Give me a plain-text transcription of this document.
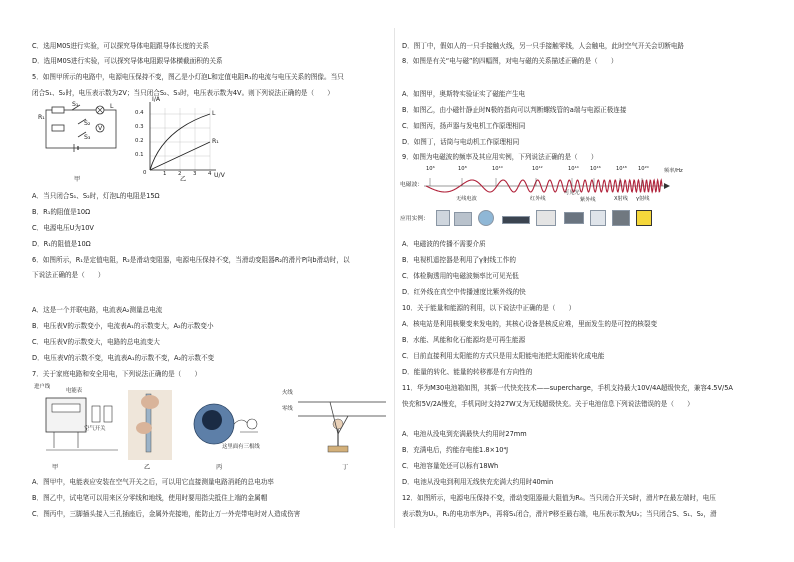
C．选用M0S进行实验，可以探究导体电阻跟导体长度的关系
D．选用M0S进行实验，可以探究导体电阻跟导体横截面积的关系
5．如图甲所示的电路中，电源电压保持不变，图乙是小灯泡L和定值电阻R₁的电流与电压关系的图像。当只
闭合S₁、S₂时，电压表示数为2V；当只闭合S₂、S₃时，电压表示数为4V。则下列说法正确的是（　　）
R₁
S₁	L
V
S₂
S₃
甲
I/A
U/V
0.4
0.3
0.2
0.1
0	1 2 3 4
L
R₁
乙
A．当只闭合S₁、S₂时，灯泡L的电阻是15Ω
B．R₁的阻值是10Ω
C．电源电压U为10V
D．R₁的阻值是10Ω
6．如图所示，R₁是定值电阻，R₂是滑动变阻器，电源电压保持不变，当滑动变阻器R₂的滑片P向b滑动时，以
下说法正确的是（　　）
A．这是一个并联电路，电流表A₂测量总电流
B．电压表V的示数变小，电流表A₁的示数变大，A₂的示数变小
C．电压表V的示数变大，电路的总电流变大
D．电压表V的示数不变，电流表A₁的示数不变，A₂的示数不变
7．关于家庭电路和安全用电，下列说法正确的是（　　）
进户线
电能表
空气开关
甲	乙
这里面有三根线
丙
火线
零线
丁
A．图甲中，电能表应安装在空气开关之后，可以用它直接测量电路消耗的总电功率
B．图乙中，试电笔可以用来区分零线和地线，使用时要用指尖抵住上端的金属帽
C．图丙中，三脚插头接入三孔插座后，金属外壳接地，能防止万一外壳带电时对人造成伤害
D．图丁中，假如人的一只手接触火线，另一只手接触零线，人会触电，此时空气开关会切断电路
8．如图是有关“电与磁”的四幅图，对电与磁的关系描述正确的是（　　）
A．如图甲，奥斯特实验证实了磁能产生电
B．如图乙，由小磁针静止时N极的指向可以判断螺线管的a端与电源正极连接
C．如图丙，扬声器与发电机工作原理相同
D．如图丁，话筒与电动机工作原理相同
9．如图为电磁波的频率及其应用实例，下列说法正确的是（　　）
10⁶	10⁸	10¹⁰	10¹²	10¹⁴ 10¹⁶	10¹⁸ 10²⁰	频率/Hz
电磁波：
无线电波	红外线
可见光
紫外线	X射线 γ射线
应用实例：
A．电磁波的传播不需要介质
B．电视机遥控器是利用了γ射线工作的
C．体检胸透用的电磁波频率比可见光低
D．红外线在真空中传播速度比紫外线的快
10．关于能量和能源的利用，以下说法中正确的是（　　）
A．核电站是利用核聚变来发电的，其核心设备是核反应堆，里面发生的是可控的核裂变
B．水能、风能和化石能源均是可再生能源
C．目前直接利用太阳能的方式只是用太阳能电池把太阳能转化成电能
D．能量的转化、能量的转移都是有方向性的
11．华为M30电池箱如图，其新一代快充技术——supercharge，手机支持最大10V/4A超级快充，兼容4.5V/5A
快充和5V/2A慢充，手机同时支持27W又为无线超级快充。关于电池信息下列说法错误的是（　　）
A．电池从没电到充满最快大约用时27mm
B．充满电后，约能存电能1.8×10⁴J
C．电池容量处还可以标有18Wh
D．电池从没电到利用无线快充充满大约用时40min
12．如图所示，电源电压保持不变，滑动变阻器最大阻值为R₀。当只闭合开关S时，滑片P在最左端时，电压
表示数为U₁，R₁的电功率为P₁，再将S₁闭合，滑片P移至最右端，电压表示数为U₂；当只闭合S、S₁、S₂，滑
